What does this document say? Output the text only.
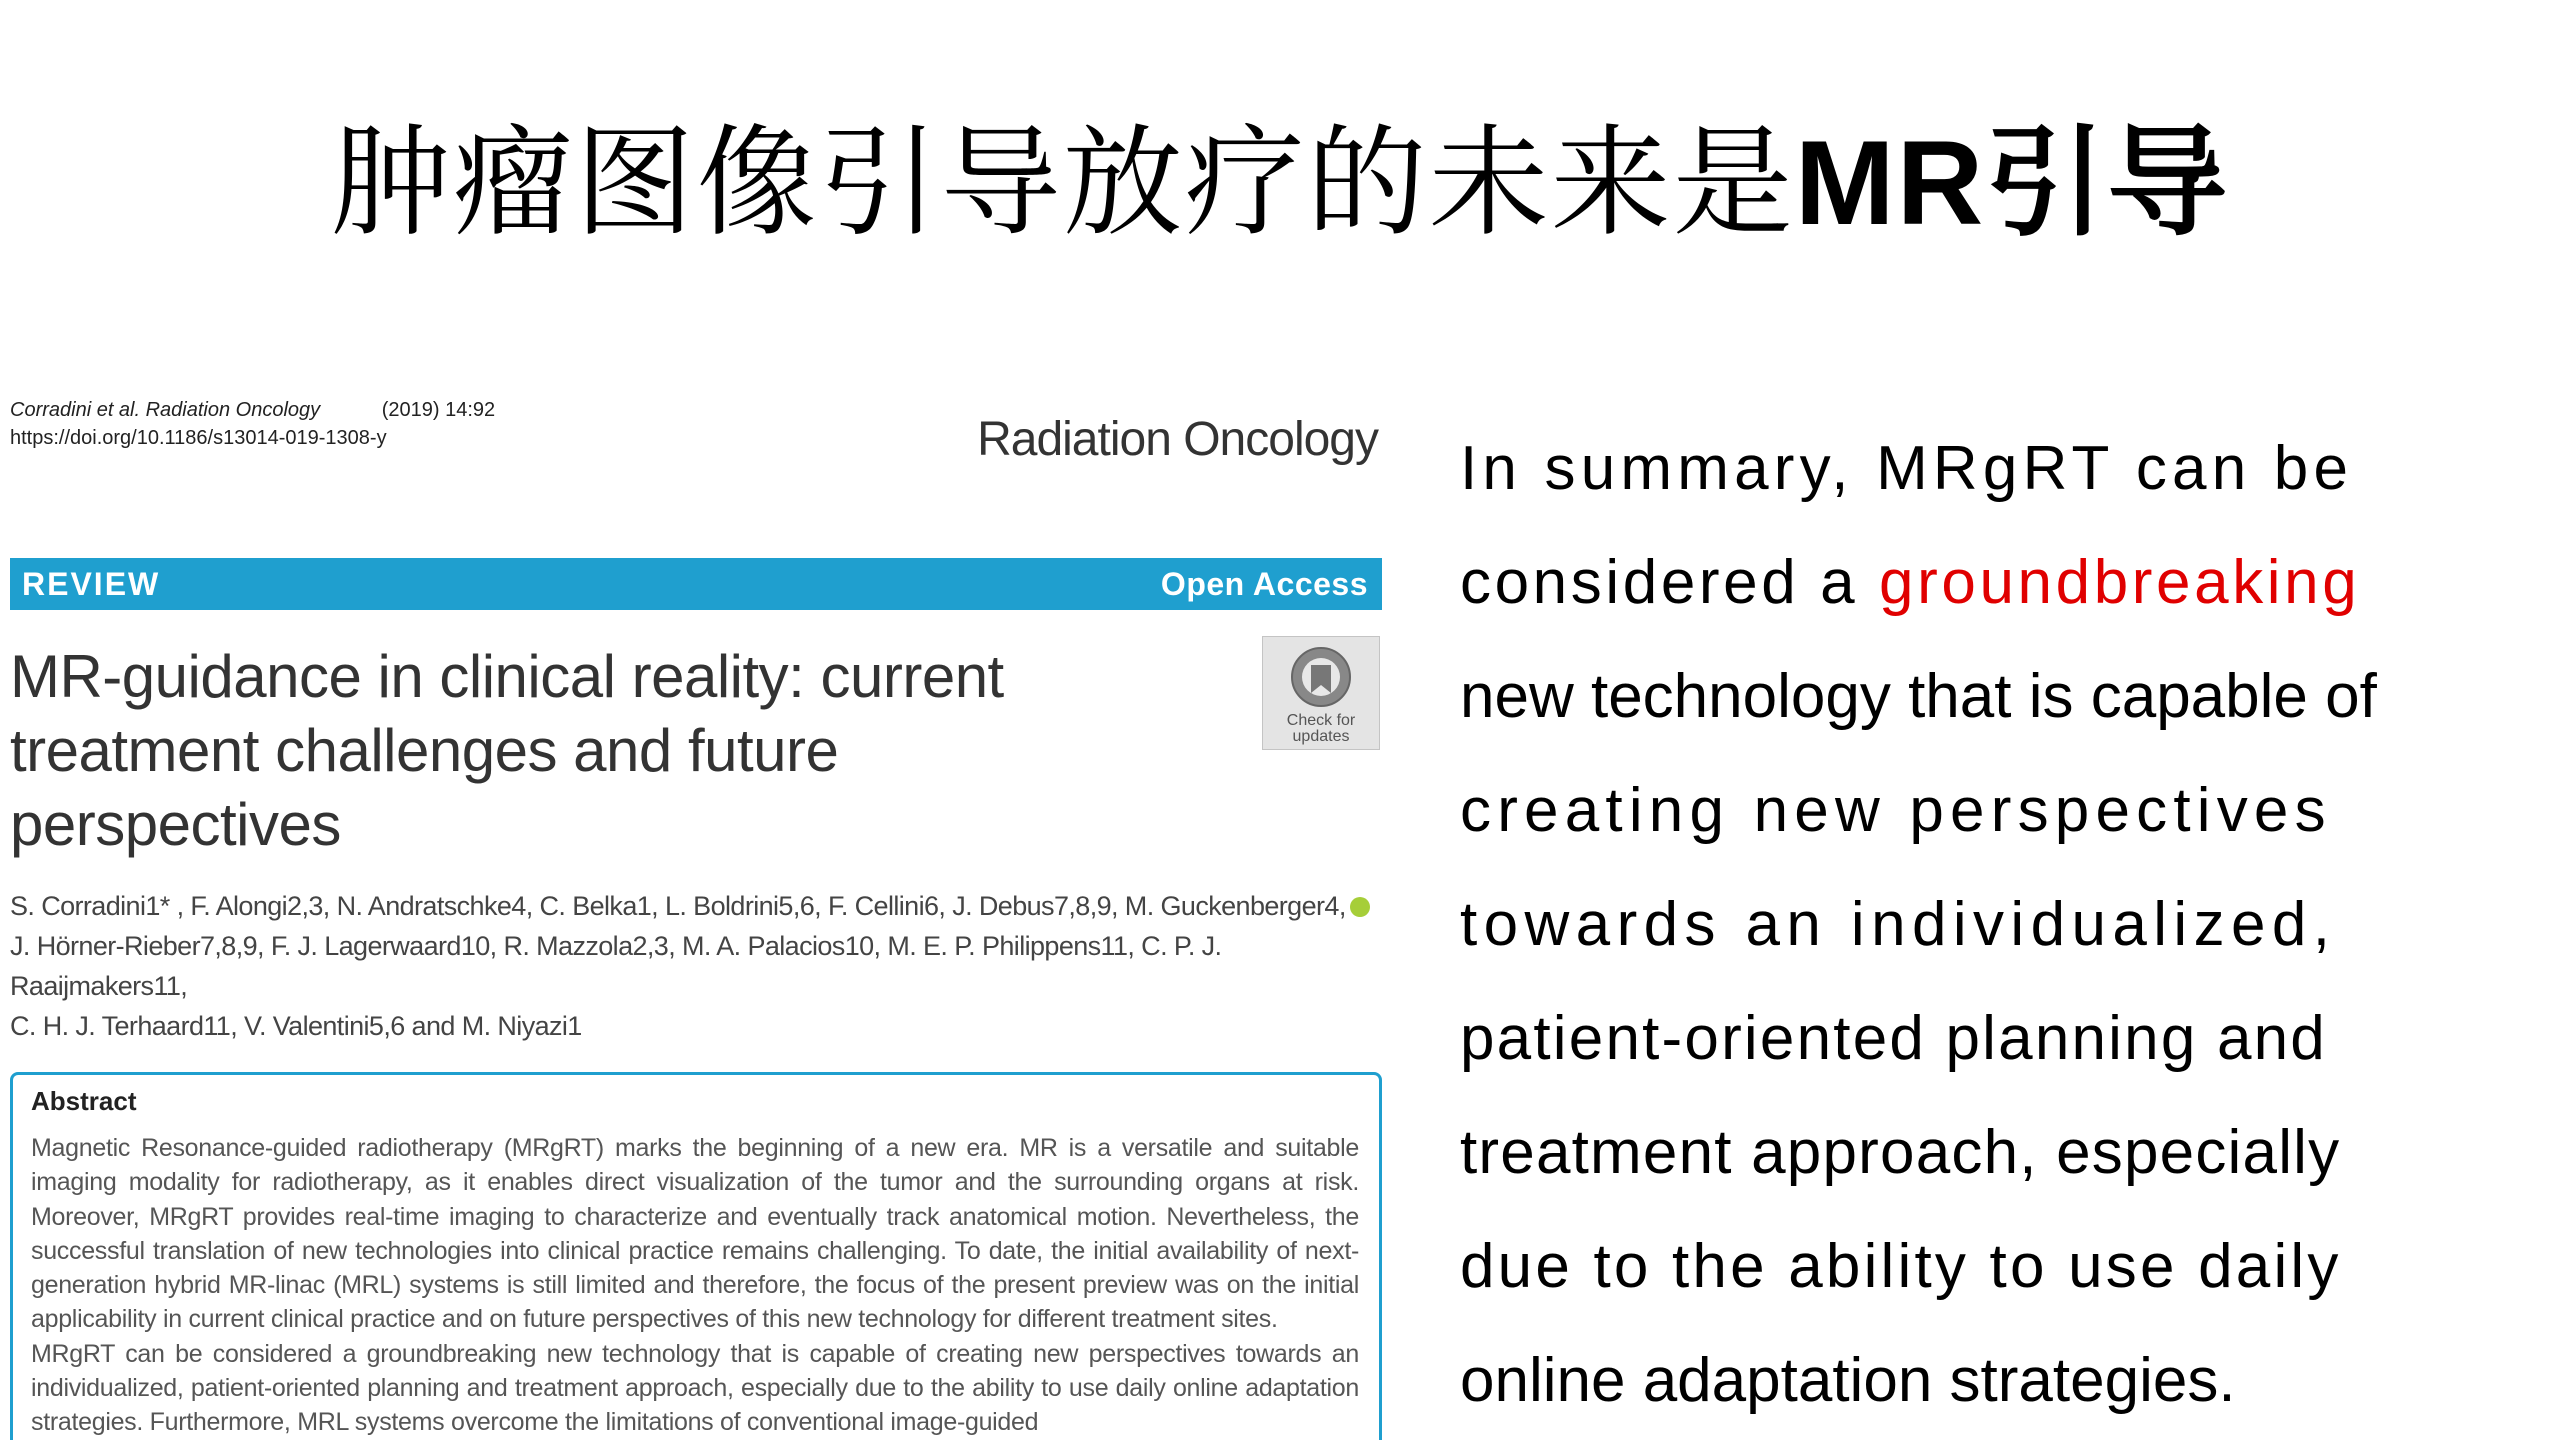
肿瘤图像引导放疗的未来是MR引导
Corradini et al. Radiation Oncology	(2019) 14:92
https://doi.org/10.1186/s13014-019-1308-y	Radiation Oncology
REVIEW	Open Access
MR-guidance in clinical reality: current
treatment challenges and future
perspectives
Check for
updates
S. Corradini1* , F. Alongi2,3, N. Andratschke4, C. Belka1, L. Boldrini5,6, F. Cellini6, J. Debus7,8,9, M. Guckenberger4,
J. Hörner-Rieber7,8,9, F. J. Lagerwaard10, R. Mazzola2,3, M. A. Palacios10, M. E. P. Philippens11, C. P. J. Raaijmakers11,
C. H. J. Terhaard11, V. Valentini5,6 and M. Niyazi1
Abstract

Magnetic Resonance-guided radiotherapy (MRgRT) marks the beginning of a new era. MR is a versatile and suitable imaging modality for radiotherapy, as it enables direct visualization of the tumor and the surrounding organs at risk. Moreover, MRgRT provides real-time imaging to characterize and eventually track anatomical motion. Nevertheless, the successful translation of new technologies into clinical practice remains challenging. To date, the initial availability of next-generation hybrid MR-linac (MRL) systems is still limited and therefore, the focus of the present preview was on the initial applicability in current clinical practice and on future perspectives of this new technology for different treatment sites.

MRgRT can be considered a groundbreaking new technology that is capable of creating new perspectives towards an individualized, patient-oriented planning and treatment approach, especially due to the ability to use daily online adaptation strategies. Furthermore, MRL systems overcome the limitations of conventional image-guided

In summary, MRgRT can be
considered a groundbreaking
new technology that is capable of
creating new perspectives
towards an individualized,
patient-oriented planning and
treatment approach, especially
due to the ability to use daily
online adaptation strategies.
